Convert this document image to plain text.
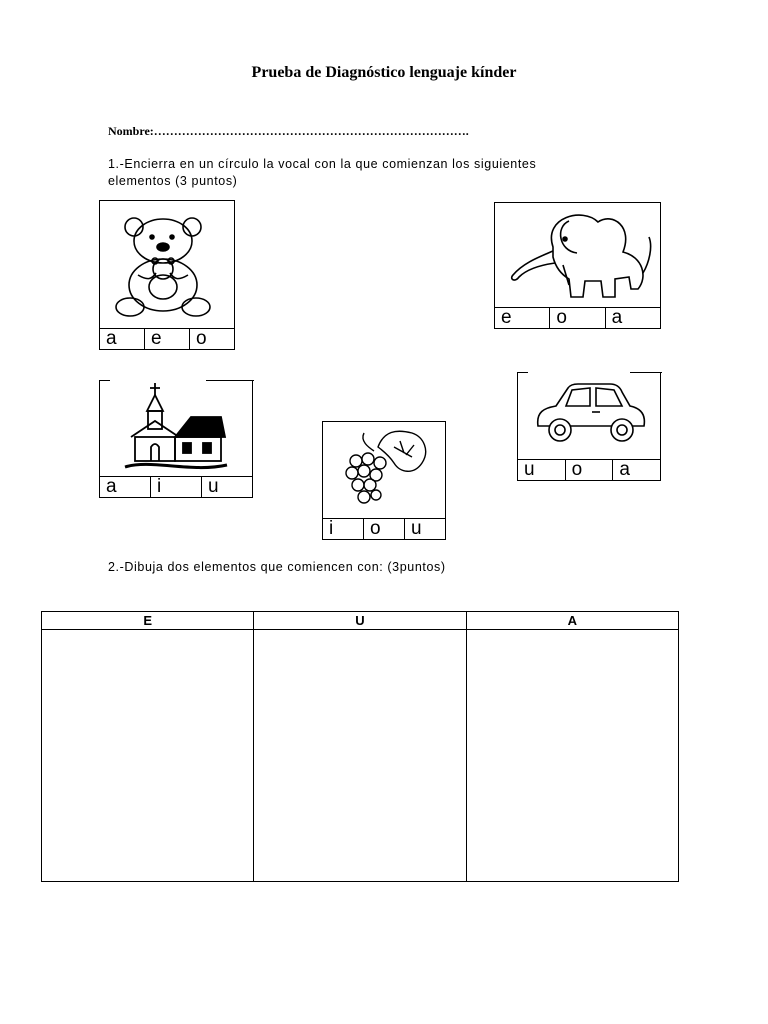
Prueba de Diagnóstico lenguaje kínder
Nombre:…………………………………………………………………….
1.-Encierra en un círculo la vocal con la que comienzan los siguientes
elementos (3 puntos)
a	e	o
e	o	a
a	i	u
i	o	u
u	o	a
2.-Dibuja dos elementos que comiencen con: (3puntos)
E	U	A
